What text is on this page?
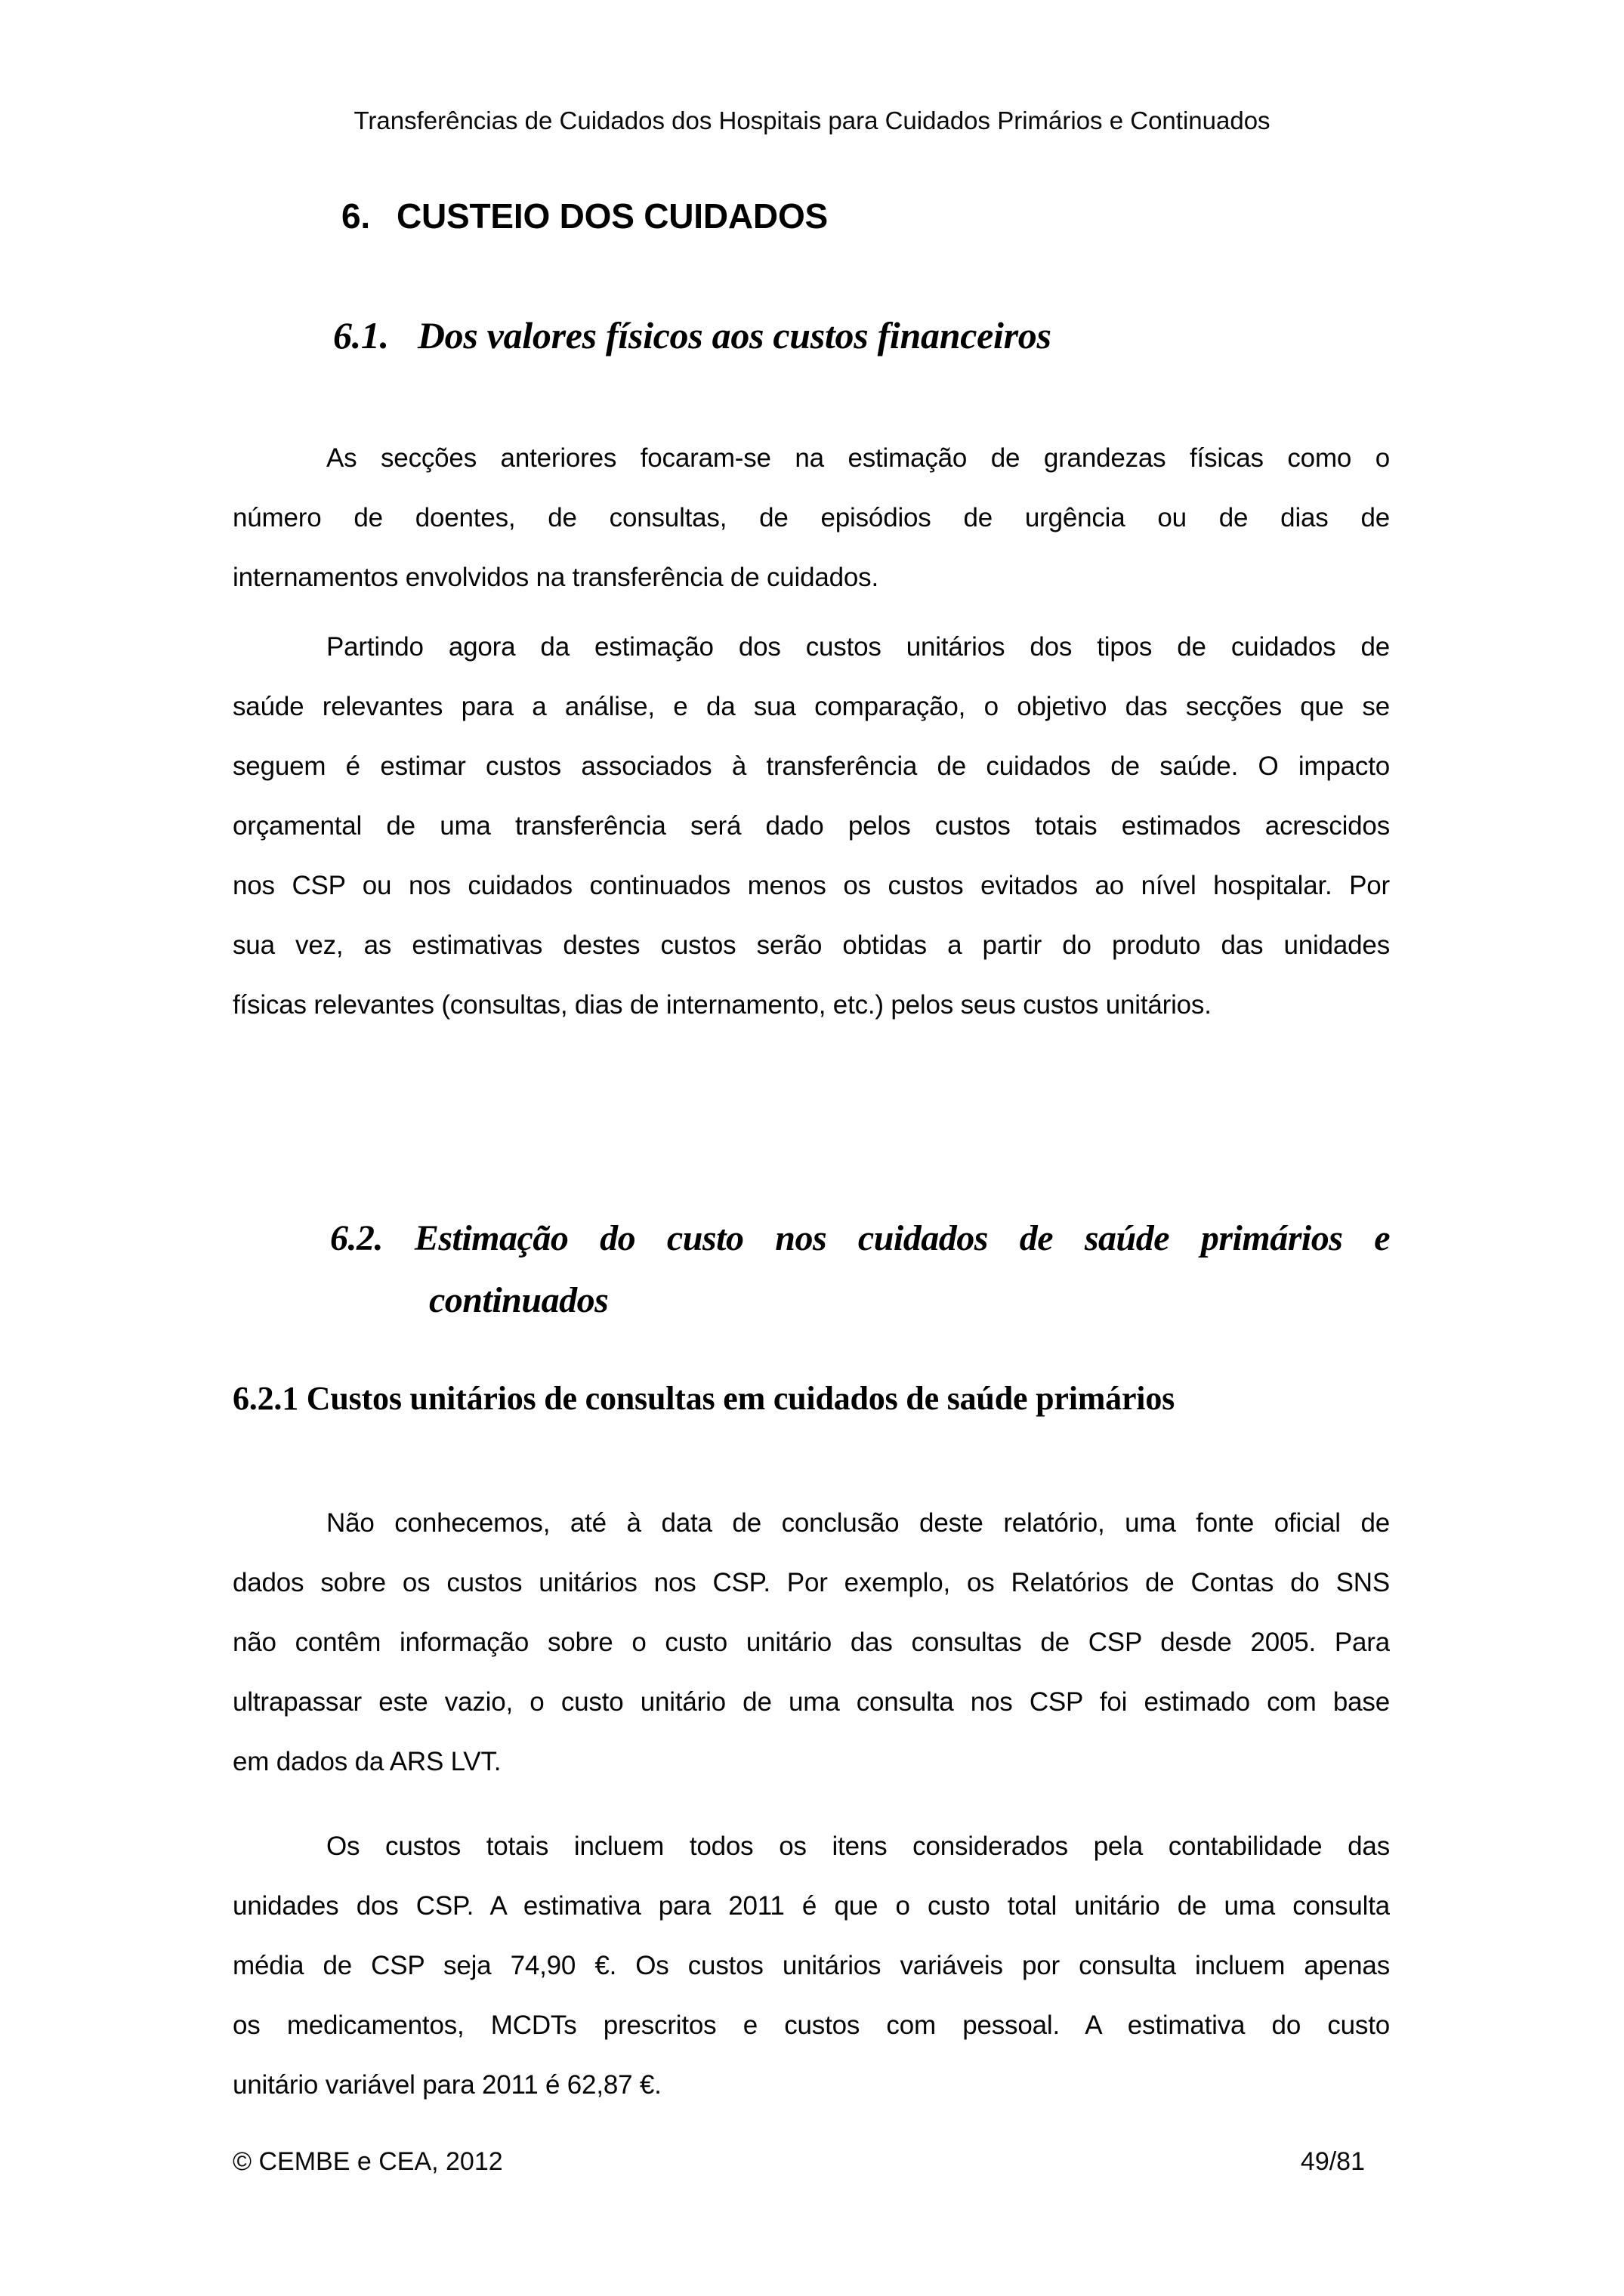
Transferências de Cuidados dos Hospitais para Cuidados Primários e Continuados
6. CUSTEIO DOS CUIDADOS
6.1. Dos valores físicos aos custos financeiros
As secções anteriores focaram-se na estimação de grandezas físicas como o
número de doentes, de consultas, de episódios de urgência ou de dias de
internamentos envolvidos na transferência de cuidados.
Partindo agora da estimação dos custos unitários dos tipos de cuidados de
saúde relevantes para a análise, e da sua comparação, o objetivo das secções que se
seguem é estimar custos associados à transferência de cuidados de saúde. O impacto
orçamental de uma transferência será dado pelos custos totais estimados acrescidos
nos CSP ou nos cuidados continuados menos os custos evitados ao nível hospitalar. Por
sua vez, as estimativas destes custos serão obtidas a partir do produto das unidades
físicas relevantes (consultas, dias de internamento, etc.) pelos seus custos unitários.
6.2. Estimação do custo nos cuidados de saúde primários e
continuados
6.2.1 Custos unitários de consultas em cuidados de saúde primários
Não conhecemos, até à data de conclusão deste relatório, uma fonte oficial de
dados sobre os custos unitários nos CSP. Por exemplo, os Relatórios de Contas do SNS
não contêm informação sobre o custo unitário das consultas de CSP desde 2005. Para
ultrapassar este vazio, o custo unitário de uma consulta nos CSP foi estimado com base
em dados da ARS LVT.
Os custos totais incluem todos os itens considerados pela contabilidade das
unidades dos CSP. A estimativa para 2011 é que o custo total unitário de uma consulta
média de CSP seja 74,90 €. Os custos unitários variáveis por consulta incluem apenas
os medicamentos, MCDTs prescritos e custos com pessoal. A estimativa do custo
unitário variável para 2011 é 62,87 €.
© CEMBE e CEA, 2012	49/81
